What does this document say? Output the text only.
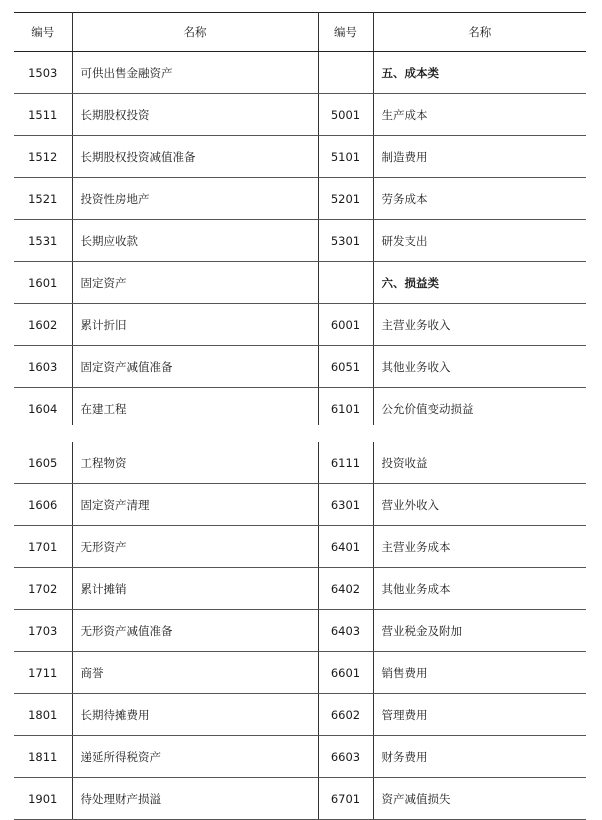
编号	名称	编号	名称
1503	可供出售金融资产		五、成本类
1511	长期股权投资	5001	生产成本
1512	长期股权投资减值准备	5101	制造费用
1521	投资性房地产	5201	劳务成本
1531	长期应收款	5301	研发支出
1601	固定资产		六、损益类
1602	累计折旧	6001	主营业务收入
1603	固定资产减值准备	6051	其他业务收入
1604	在建工程	6101	公允价值变动损益
1605	工程物资	6111	投资收益
1606	固定资产清理	6301	营业外收入
1701	无形资产	6401	主营业务成本
1702	累计摊销	6402	其他业务成本
1703	无形资产减值准备	6403	营业税金及附加
1711	商誉	6601	销售费用
1801	长期待摊费用	6602	管理费用
1811	递延所得税资产	6603	财务费用
1901	待处理财产损溢	6701	资产减值损失
